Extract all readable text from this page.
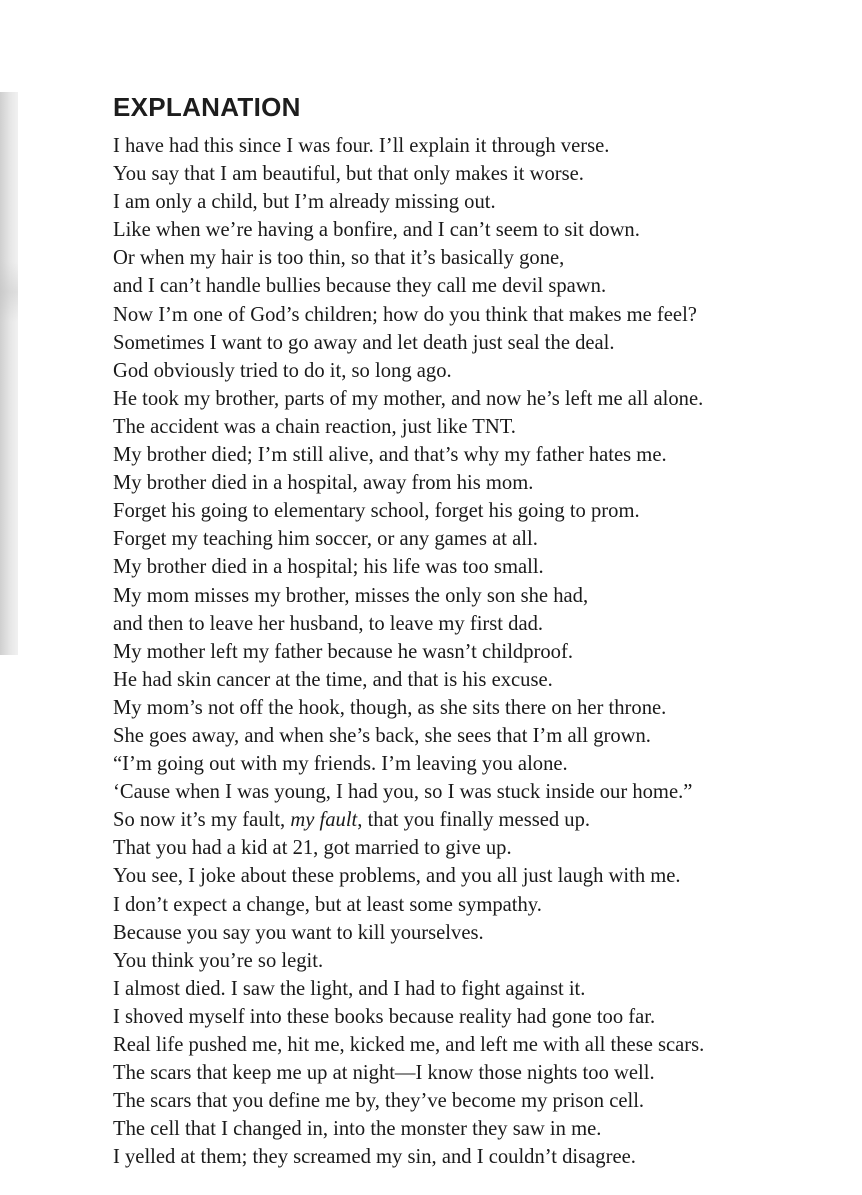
EXPLANATION
I have had this since I was four. I’ll explain it through verse.
You say that I am beautiful, but that only makes it worse.
I am only a child, but I’m already missing out.
Like when we’re having a bonfire, and I can’t seem to sit down.
Or when my hair is too thin, so that it’s basically gone,
and I can’t handle bullies because they call me devil spawn.
Now I’m one of God’s children; how do you think that makes me feel?
Sometimes I want to go away and let death just seal the deal.
God obviously tried to do it, so long ago.
He took my brother, parts of my mother, and now he’s left me all alone.
The accident was a chain reaction, just like TNT.
My brother died; I’m still alive, and that’s why my father hates me.
My brother died in a hospital, away from his mom.
Forget his going to elementary school, forget his going to prom.
Forget my teaching him soccer, or any games at all.
My brother died in a hospital; his life was too small.
My mom misses my brother, misses the only son she had,
and then to leave her husband, to leave my first dad.
My mother left my father because he wasn’t childproof.
He had skin cancer at the time, and that is his excuse.
My mom’s not off the hook, though, as she sits there on her throne.
She goes away, and when she’s back, she sees that I’m all grown.
“I’m going out with my friends. I’m leaving you alone.
‘Cause when I was young, I had you, so I was stuck inside our home.”
So now it’s my fault, my fault, that you finally messed up.
That you had a kid at 21, got married to give up.
You see, I joke about these problems, and you all just laugh with me.
I don’t expect a change, but at least some sympathy.
Because you say you want to kill yourselves.
You think you’re so legit.
I almost died. I saw the light, and I had to fight against it.
I shoved myself into these books because reality had gone too far.
Real life pushed me, hit me, kicked me, and left me with all these scars.
The scars that keep me up at night—I know those nights too well.
The scars that you define me by, they’ve become my prison cell.
The cell that I changed in, into the monster they saw in me.
I yelled at them; they screamed my sin, and I couldn’t disagree.
